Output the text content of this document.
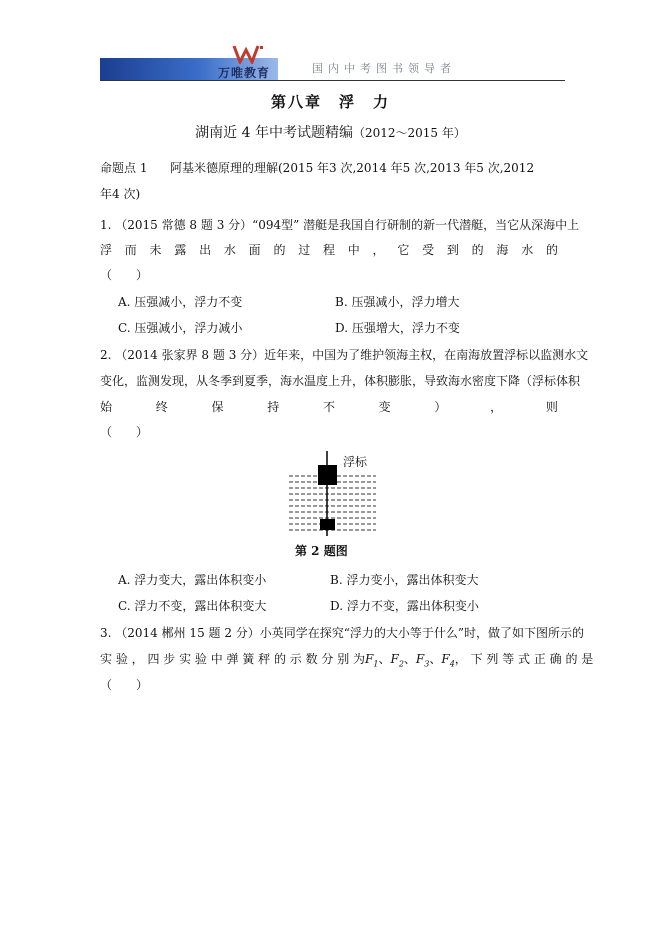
万唯教育	国内中考图书领导者
第八章　浮　力
湖南近 4 年中考试题精编（2012～2015 年）
命题点 1 阿基米德原理的理解(2015 年3 次,2014 年5 次,2013 年5 次,2012
年4 次)
1. （2015 常德 8 题 3 分）“094型” 潜艇是我国自行研制的新一代潜艇，当它从深海中上
浮 而 未 露 出 水 面 的 过 程 中 ， 它 受 到 的 海 水 的
（　　）
A. 压强减小，浮力不变	B. 压强减小，浮力增大
C. 压强减小，浮力减小	D. 压强增大，浮力不变
2. （2014 张家界 8 题 3 分）近年来，中国为了维护领海主权，在南海放置浮标以监测水文
变化，监测发现，从冬季到夏季，海水温度上升，体积膨胀，导致海水密度下降（浮标体积
始	终	保	持	不	变	）	，	则
（　　）
浮标
第 2 题图
A. 浮力变大，露出体积变小	B. 浮力变小，露出体积变大
C. 浮力不变，露出体积变大	D. 浮力不变，露出体积变小
3. （2014 郴州 15 题 2 分）小英同学在探究“浮力的大小等于什么”时，做了如下图所示的
实 验 ， 四 步 实 验 中 弹 簧 秤 的 示 数 分 别 为 $F_1$、$F_2$、$F_3$、$F_4$ ， 下 列 等 式 正 确 的 是
（　　）
